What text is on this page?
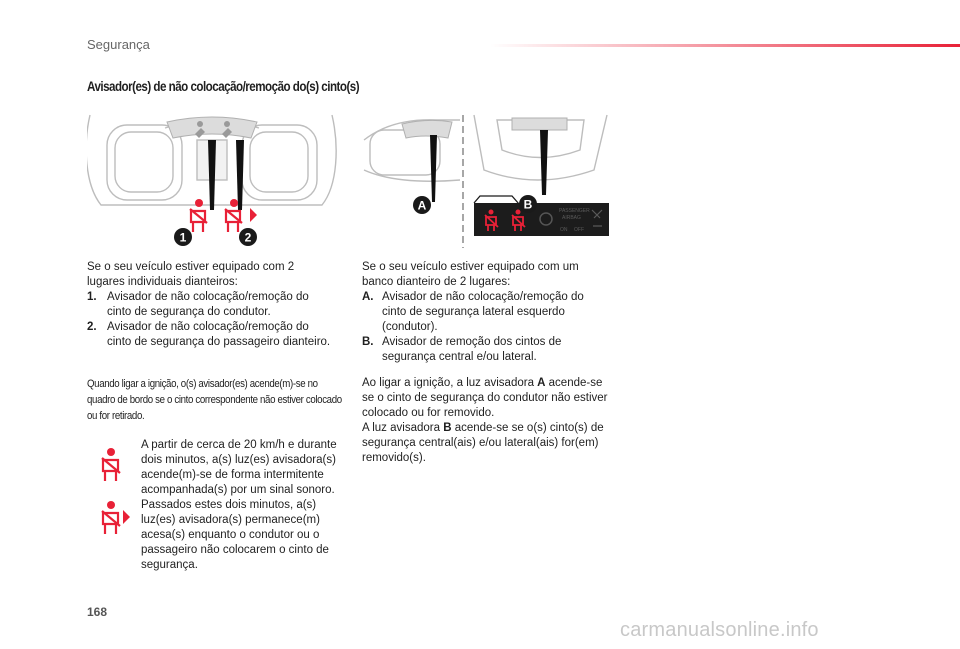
Segurança
Avisador(es) de não colocação/remoção do(s) cinto(s)
1	2
PASSENGER
AIRBAG
ON OFF
A	B
Se o seu veículo estiver equipado com 2 lugares individuais dianteiros:
1. Avisador de não colocação/remoção do cinto de segurança do condutor.
2. Avisador de não colocação/remoção do cinto de segurança do passageiro dianteiro.
Quando ligar a ignição, o(s) avisador(es) acende(m)-se no quadro de bordo se o cinto correspondente não estiver colocado ou for retirado.
A partir de cerca de 20 km/h e durante dois minutos, a(s) luz(es) avisadora(s) acende(m)-se de forma intermitente acompanhada(s) por um sinal sonoro. Passados estes dois minutos, a(s) luz(es) avisadora(s) permanece(m) acesa(s) enquanto o condutor ou o passageiro não colocarem o cinto de segurança.
Se o seu veículo estiver equipado com um banco dianteiro de 2 lugares:
A. Avisador de não colocação/remoção do cinto de segurança lateral esquerdo (condutor).
B. Avisador de remoção dos cintos de segurança central e/ou lateral.
Ao ligar a ignição, a luz avisadora A acende-se se o cinto de segurança do condutor não estiver colocado ou for removido.
A luz avisadora B acende-se se o(s) cinto(s) de segurança central(ais) e/ou lateral(ais) for(em) removido(s).
168
carmanualsonline.info
